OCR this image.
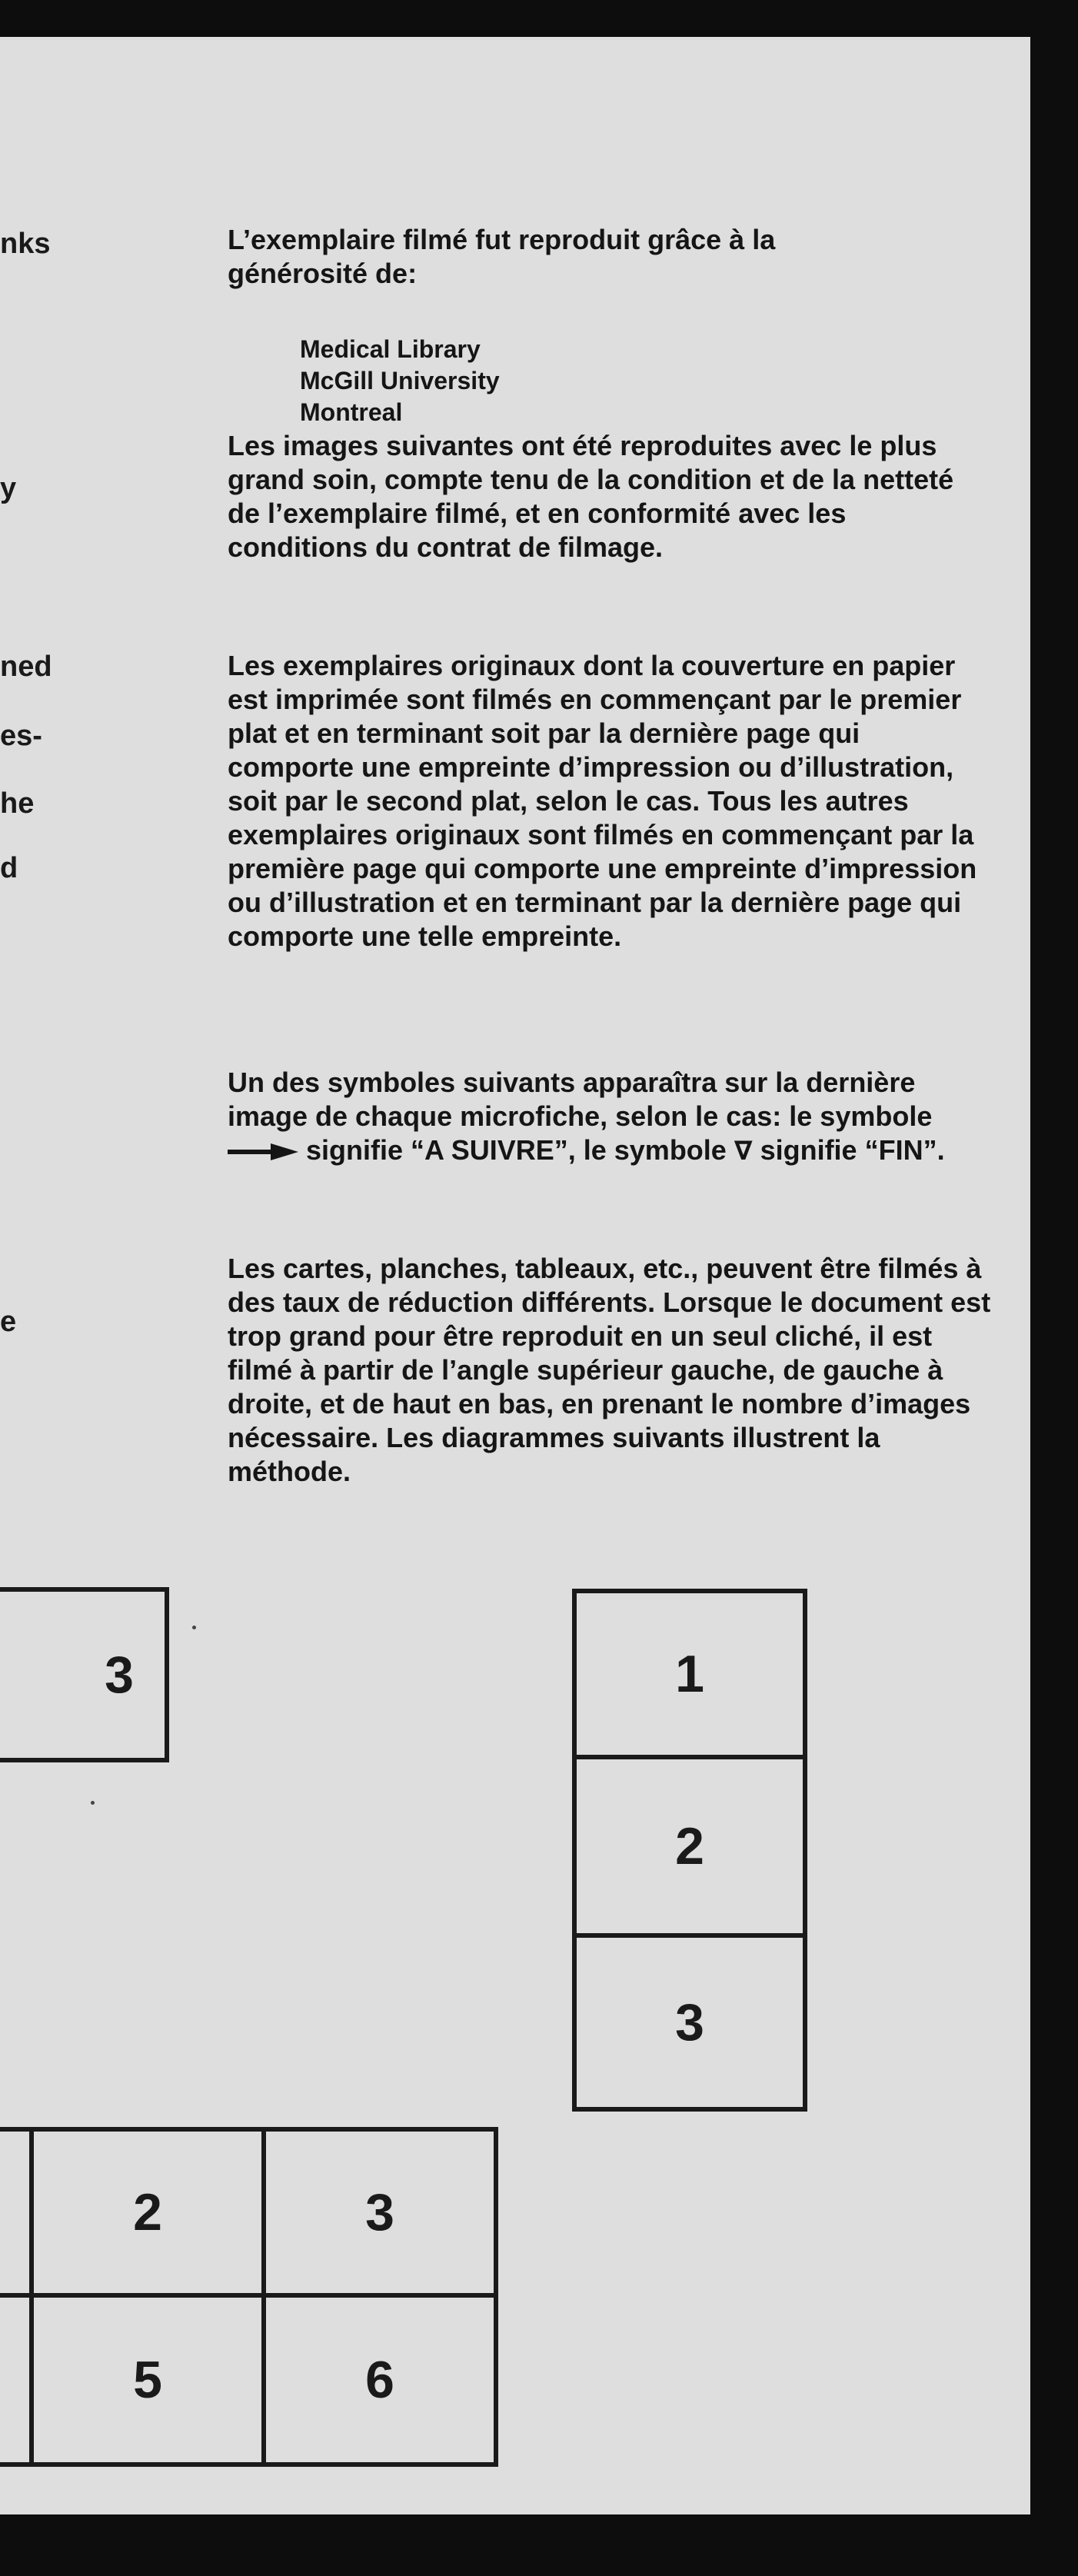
nks
y
ned
es-
he
d
e

L’exemplaire filmé fut reproduit grâce à la générosité de:

Medical Library
McGill University
Montreal

Les images suivantes ont été reproduites avec le plus grand soin, compte tenu de la condition et de la netteté de l’exemplaire filmé, et en conformité avec les conditions du contrat de filmage.

Les exemplaires originaux dont la couverture en papier est imprimée sont filmés en commençant par le premier plat et en terminant soit par la dernière page qui comporte une empreinte d’impression ou d’illustration, soit par le second plat, selon le cas. Tous les autres exemplaires originaux sont filmés en commençant par la première page qui comporte une empreinte d’impression ou d’illustration et en terminant par la dernière page qui comporte une telle empreinte.

Un des symboles suivants apparaîtra sur la dernière image de chaque microfiche, selon le cas: le symbole  signifie “A SUIVRE”, le symbole ∇ signifie “FIN”.

Les cartes, planches, tableaux, etc., peuvent être filmés à des taux de réduction différents. Lorsque le document est trop grand pour être reproduit en un seul cliché, il est filmé à partir de l’angle supérieur gauche, de gauche à droite, et de haut en bas, en prenant le nombre d’images nécessaire. Les diagrammes suivants illustrent la méthode.

3	1
2
3
2	3
5	6
